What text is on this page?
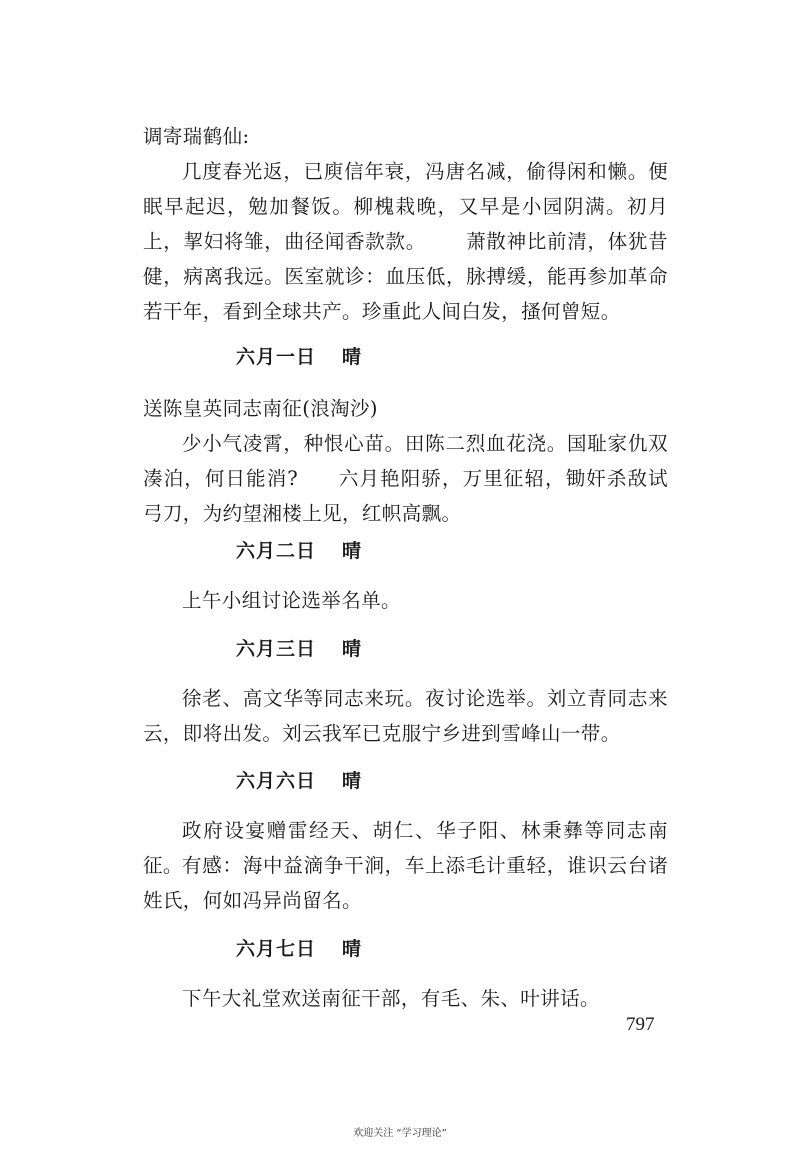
调寄瑞鹤仙:

几度春光返，已庾信年衰，冯唐名减，偷得闲和懒。便眠早起迟，勉加餐饭。柳槐栽晚，又早是小园阴满。初月上，挈妇将雏，曲径闻香款款。 萧散神比前清，体犹昔健，病离我远。医室就诊：血压低，脉搏缓，能再参加革命若干年，看到全球共产。珍重此人间白发，搔何曾短。

六月一日 晴

送陈皇英同志南征(浪淘沙)

少小气凌霄，种恨心苗。田陈二烈血花浇。国耻家仇双凑泊，何日能消? 六月艳阳骄，万里征轺，锄奸杀敌试弓刀，为约望湘楼上见，红帜高飘。

六月二日 晴

上午小组讨论选举名单。

六月三日 晴

徐老、高文华等同志来玩。夜讨论选举。刘立青同志来云，即将出发。刘云我军已克服宁乡进到雪峰山一带。

六月六日 晴

政府设宴赠雷经天、胡仁、华子阳、林秉彝等同志南征。 有感：海中益滴争干涧，车上添毛计重轻，谁识云台诸姓氏，何如冯异尚留名。

六月七日 晴

下午大礼堂欢送南征干部，有毛、朱、叶讲话。

797
欢迎关注 “学习理论”
